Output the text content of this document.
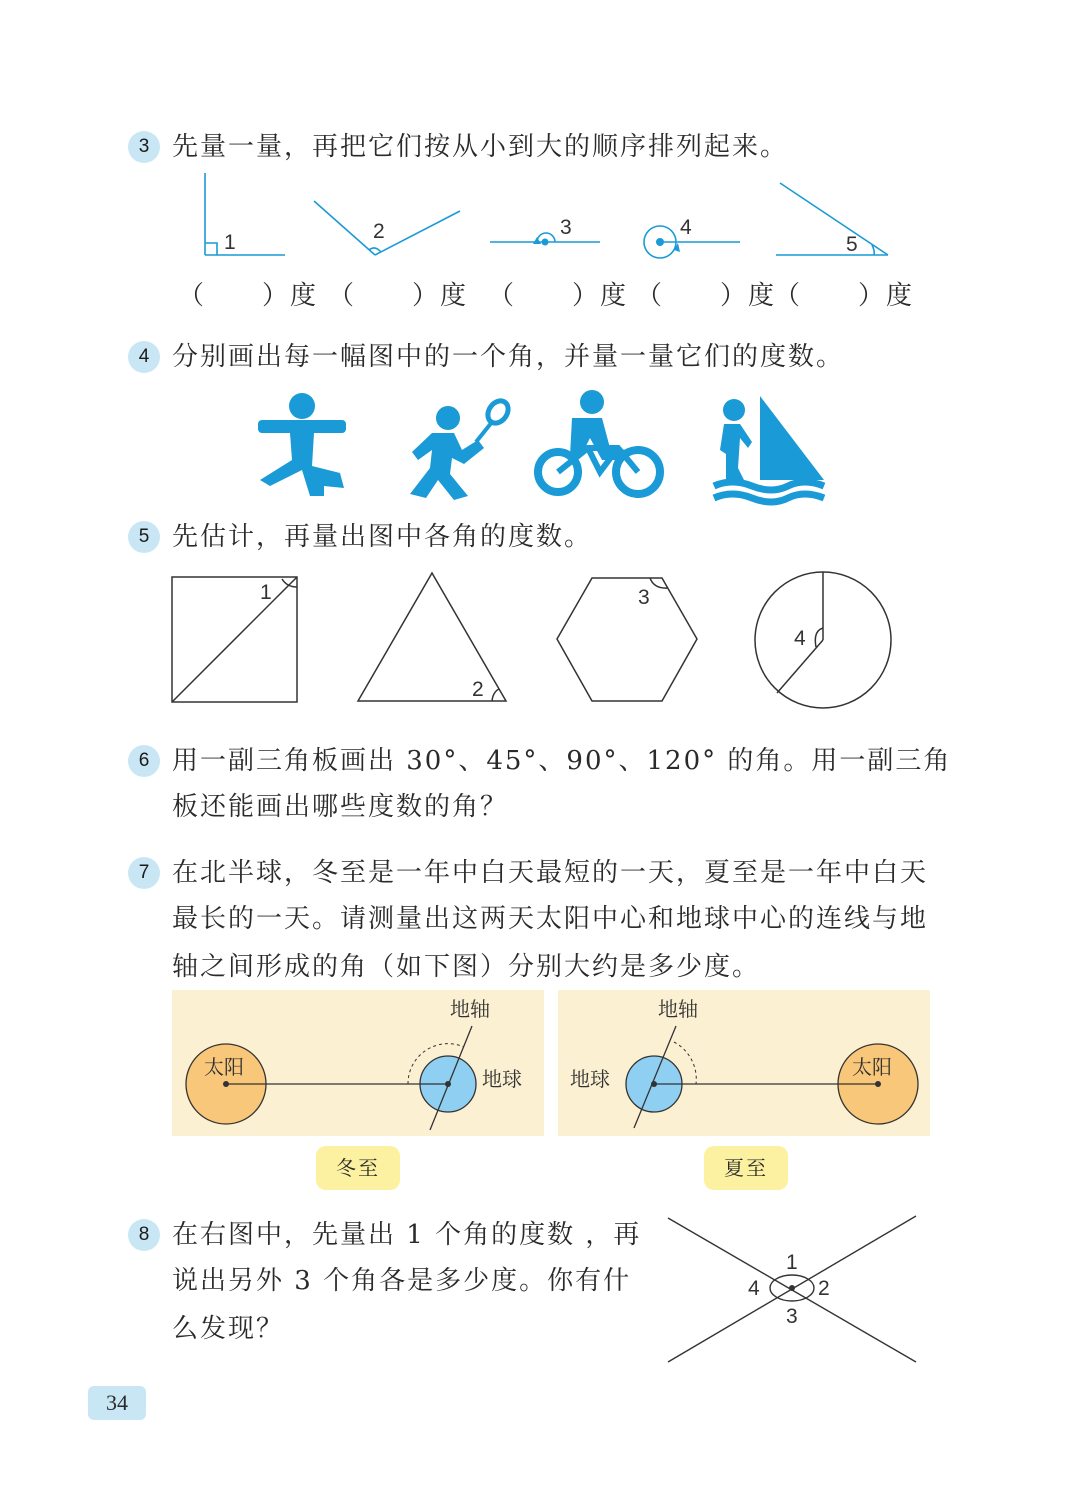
3 先量一量，再把它们按从小到大的顺序排列起来。
1	2	3	4
5
（　　）度 （　　）度 （　　）度 （　　）度
（　　）度
4 分别画出每一幅图中的一个角，并量一量它们的度数。
5 先估计，再量出图中各角的度数。
1
2
3
4
6 用一副三角板画出 30°、45°、90°、120° 的角。用一副三角
板还能画出哪些度数的角？
7 在北半球，冬至是一年中白天最短的一天，夏至是一年中白天
最长的一天。请测量出这两天太阳中心和地球中心的连线与地
轴之间形成的角（如下图）分别大约是多少度。
太阳	地球
地轴
冬至
地球	太阳
地轴
夏至
8 在右图中，先量出 1 个角的度数 ，再
说出另外 3 个角各是多少度。你有什
么发现？
1
2
3
4
34
